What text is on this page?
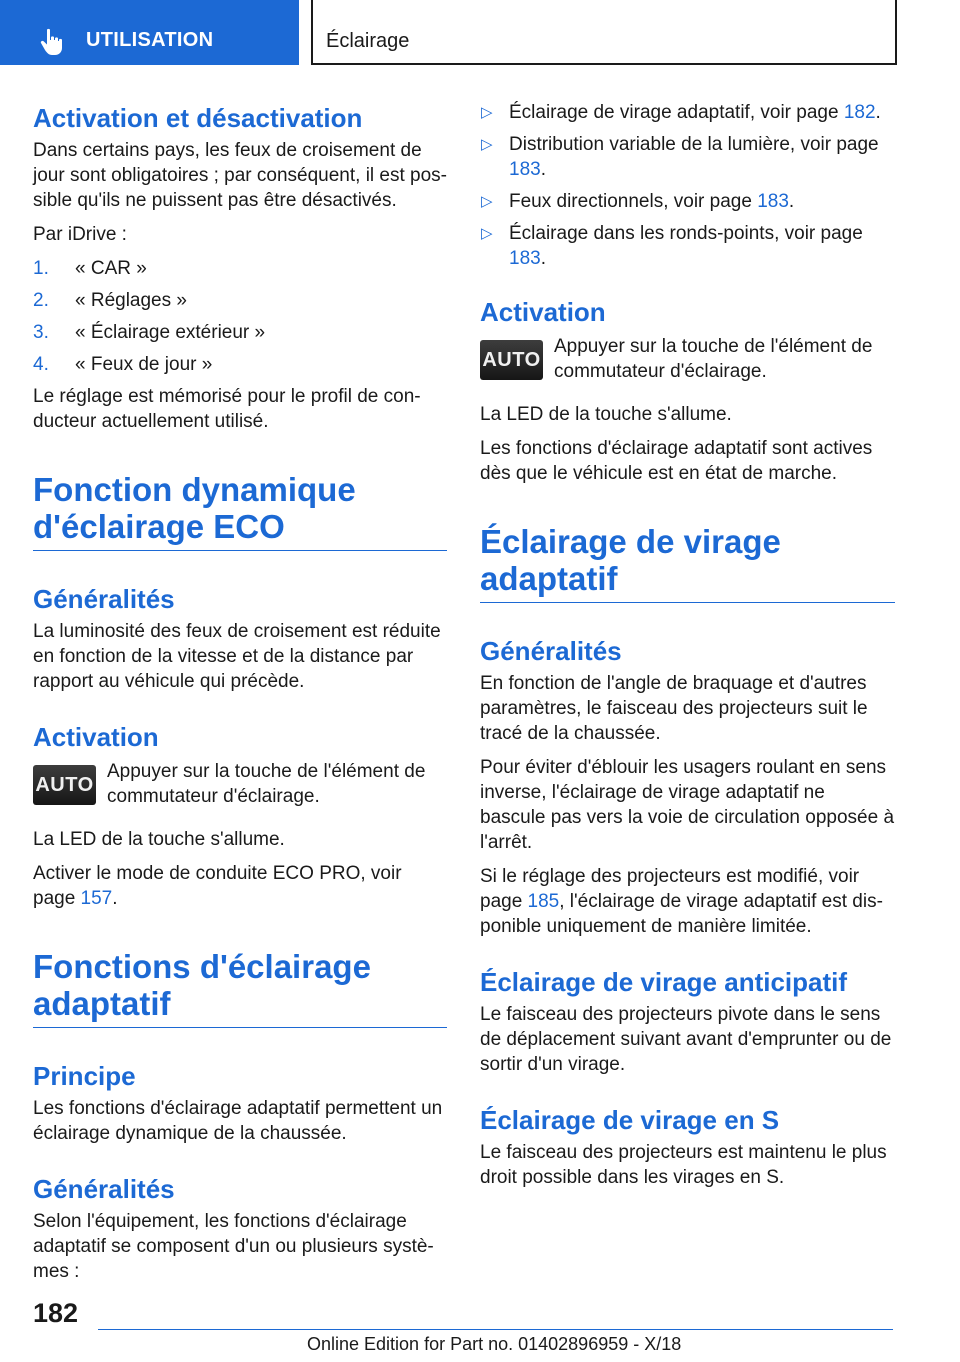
UTILISATION	Éclairage
Activation et désactivation

Dans certains pays, les feux de croisement de jour sont obligatoires ; par conséquent, il est pos‐sible qu'ils ne puissent pas être désactivés.

Par iDrive :

1. « CAR »
2. « Réglages »
3. « Éclairage extérieur »
4. « Feux de jour »

Le réglage est mémorisé pour le profil de con‐ducteur actuellement utilisé.

Fonction dynamique d'éclairage ECO
Généralités

La luminosité des feux de croisement est réduite en fonction de la vitesse et de la distance par rapport au véhicule qui précède.

Activation
AUTO

Appuyer sur la touche de l'élément de commutateur d'éclairage.

La LED de la touche s'allume.

Activer le mode de conduite ECO PRO, voir page 157.

Fonctions d'éclairage adaptatif
Principe

Les fonctions d'éclairage adaptatif permettent un éclairage dynamique de la chaussée.

Généralités

Selon l'équipement, les fonctions d'éclairage adaptatif se composent d'un ou plusieurs systè‐mes :

▷ Éclairage de virage adaptatif, voir page 182.
▷ Distribution variable de la lumière, voir page 183.
▷ Feux directionnels, voir page 183.
▷ Éclairage dans les ronds-points, voir page 183.
Activation
AUTO

Appuyer sur la touche de l'élément de commutateur d'éclairage.

La LED de la touche s'allume.

Les fonctions d'éclairage adaptatif sont actives dès que le véhicule est en état de marche.

Éclairage de virage adaptatif
Généralités

En fonction de l'angle de braquage et d'autres paramètres, le faisceau des projecteurs suit le tracé de la chaussée.

Pour éviter d'éblouir les usagers roulant en sens inverse, l'éclairage de virage adaptatif ne bascule pas vers la voie de circulation opposée à l'arrêt.

Si le réglage des projecteurs est modifié, voir page 185, l'éclairage de virage adaptatif est dis‐ponible uniquement de manière limitée.

Éclairage de virage anticipatif

Le faisceau des projecteurs pivote dans le sens de déplacement suivant avant d'emprunter ou de sortir d'un virage.

Éclairage de virage en S

Le faisceau des projecteurs est maintenu le plus droit possible dans les virages en S.

182
Online Edition for Part no. 01402896959 - X/18
